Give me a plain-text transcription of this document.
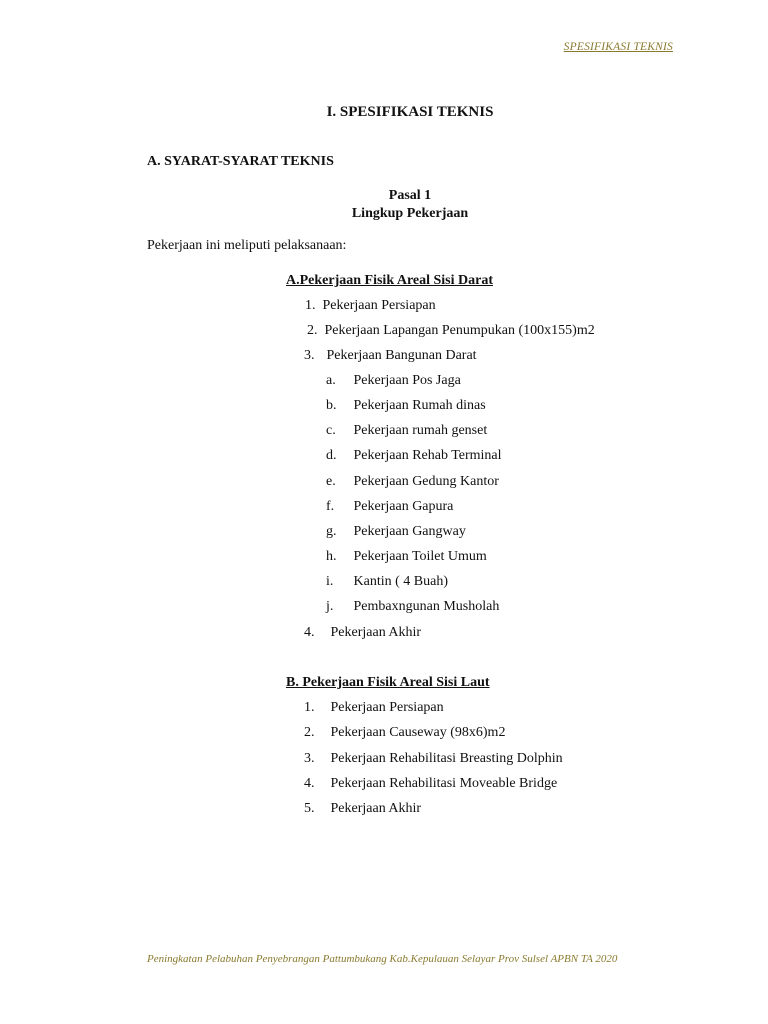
SPESIFIKASI TEKNIS
I. SPESIFIKASI TEKNIS
A. SYARAT-SYARAT TEKNIS
Pasal 1
Lingkup Pekerjaan
Pekerjaan ini meliputi pelaksanaan:
A.Pekerjaan Fisik Areal Sisi Darat
1. Pekerjaan Persiapan
2. Pekerjaan Lapangan Penumpukan (100x155)m2
3. Pekerjaan Bangunan Darat
a. Pekerjaan Pos Jaga
b. Pekerjaan Rumah dinas
c. Pekerjaan rumah genset
d. Pekerjaan Rehab Terminal
e. Pekerjaan Gedung Kantor
f. Pekerjaan Gapura
g. Pekerjaan Gangway
h. Pekerjaan Toilet Umum
i. Kantin ( 4 Buah)
j. Pembaxngunan Musholah
4. Pekerjaan Akhir
B. Pekerjaan Fisik Areal Sisi Laut
1. Pekerjaan Persiapan
2. Pekerjaan Causeway (98x6)m2
3. Pekerjaan Rehabilitasi Breasting Dolphin
4. Pekerjaan Rehabilitasi Moveable Bridge
5. Pekerjaan Akhir
Peningkatan Pelabuhan Penyebrangan Pattumbukang Kab.Kepulauan Selayar Prov Sulsel APBN TA 2020
